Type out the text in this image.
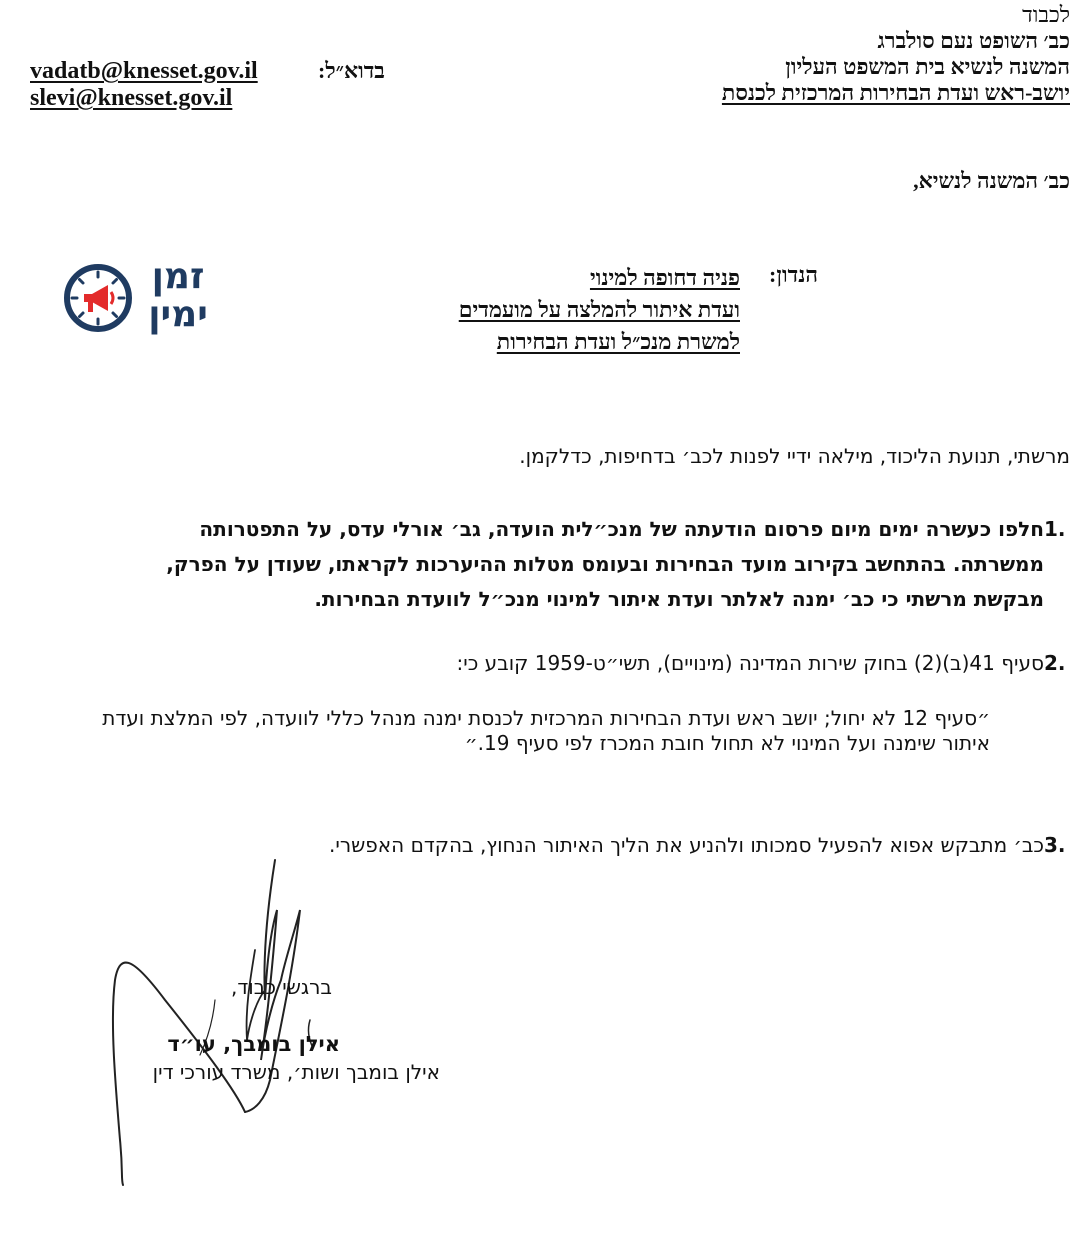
לכבוד
כב׳ השופט נעם סולברג
המשנה לנשיא בית המשפט העליון
יושב-ראש ועדת הבחירות המרכזית לכנסת
בדוא״ל:
vadatb@knesset.gov.il
slevi@knesset.gov.il
כב׳ המשנה לנשיא,
הנדון:
פניה דחופה למינוי
ועדת איתור להמלצה על מועמדים
למשרת מנכ״ל ועדת הבחירות
זמן
ימין
מרשתי, תנועת הליכוד, מילאה ידיי לפנות לכב׳ בדחיפות, כדלקמן.
1.חלפו כעשרה ימים מיום פרסום הודעתה של מנכ״לית הועדה, גב׳ אורלי עדס, על התפטרותה
ממשרתה. בהתחשב בקירוב מועד הבחירות ובעומס מטלות ההיערכות לקראתו, שעודן על הפרק,
מבקשת מרשתי כי כב׳ ימנה לאלתר ועדת איתור למינוי מנכ״ל לוועדת הבחירות.
2.סעיף 41(ב)(2) בחוק שירות המדינה (מינויים), תשי״ט-1959 קובע כי:
״סעיף 12 לא יחול; יושב ראש ועדת הבחירות המרכזית לכנסת ימנה מנהל כללי לוועדה, לפי המלצת ועדת איתור שימנה ועל המינוי לא תחול חובת המכרז לפי סעיף 19.״
3.כב׳ מתבקש אפוא להפעיל סמכותו ולהניע את הליך האיתור הנחוץ, בהקדם האפשרי.
ברגשי כבוד,
אילן בומבך, עו״ד
אילן בומבך ושות׳, משרד עורכי דין
